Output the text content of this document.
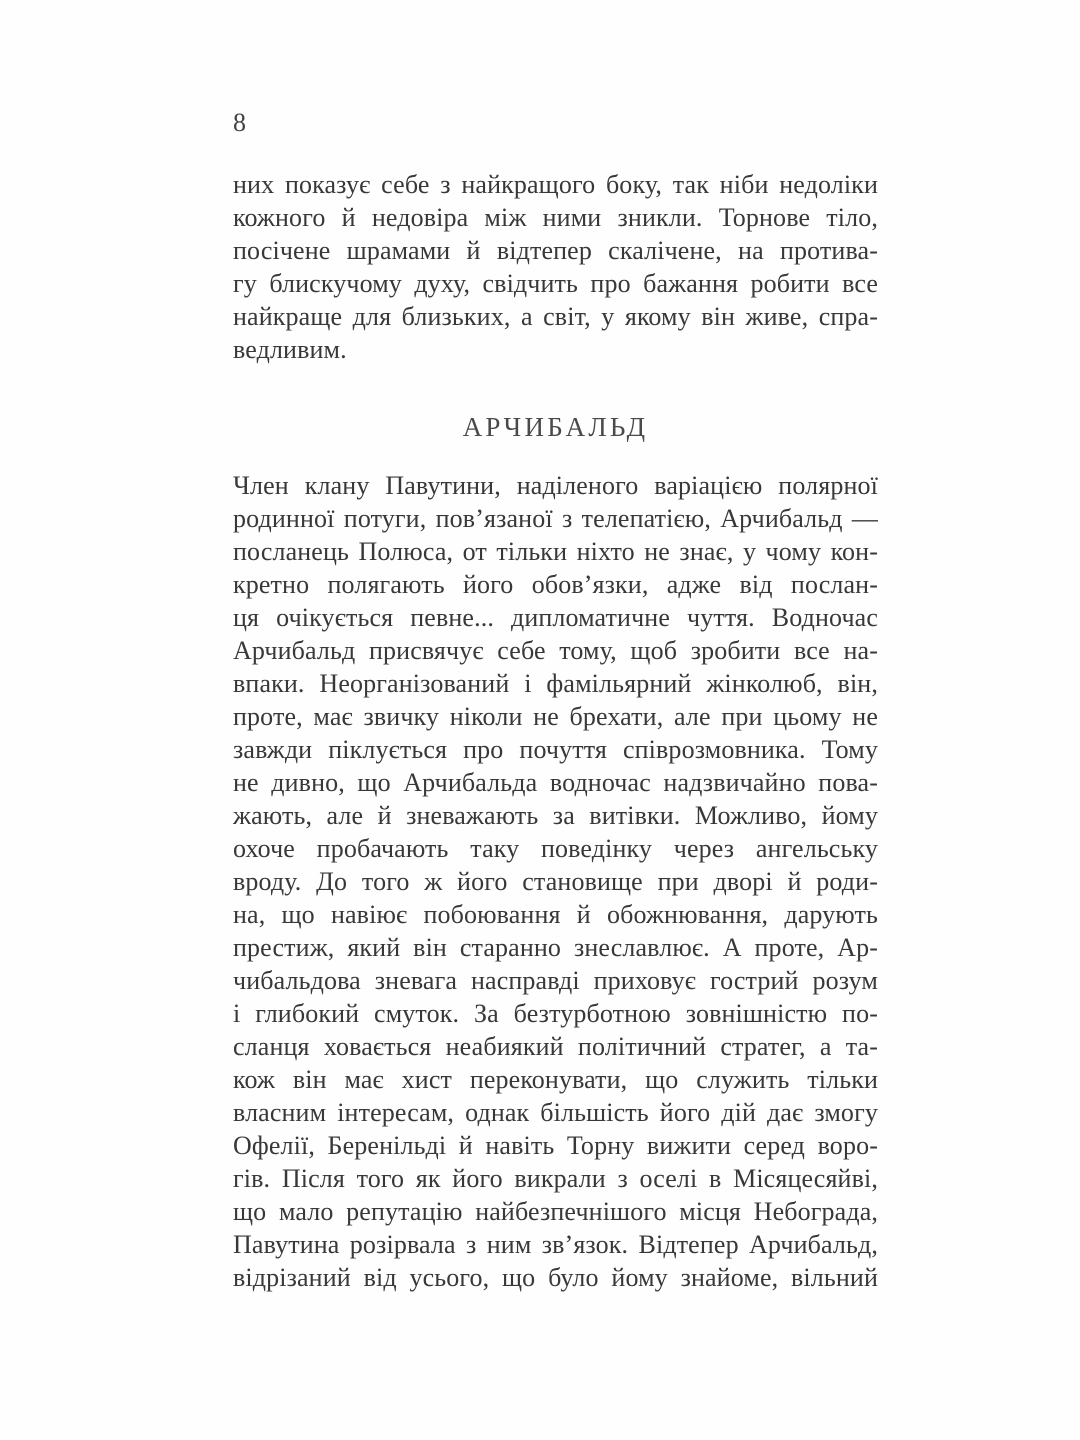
8
них показує себе з найкращого боку, так ніби недоліки
кожного й недовіра між ними зникли. Торнове тіло,
посічене шрамами й відтепер скалічене, на протива-
гу блискучому духу, свідчить про бажання робити все
найкраще для близьких, а світ, у якому він живе, спра-
ведливим.
АРЧИБАЛЬД
Член клану Павутини, наділеного варіацією полярної
родинної потуги, пов’язаної з телепатією, Арчибальд —
посланець Полюса, от тільки ніхто не знає, у чому кон-
кретно полягають його обов’язки, адже від послан-
ця очікується певне... дипломатичне чуття. Водночас
Арчибальд присвячує себе тому, щоб зробити все на-
впаки. Неорганізований і фамільярний жінколюб, він,
проте, має звичку ніколи не брехати, але при цьому не
завжди піклується про почуття співрозмовника. Тому
не дивно, що Арчибальда водночас надзвичайно пова-
жають, але й зневажають за витівки. Можливо, йому
охоче пробачають таку поведінку через ангельську
вроду. До того ж його становище при дворі й роди-
на, що навіює побоювання й обожнювання, дарують
престиж, який він старанно знеславлює. А проте, Ар-
чибальдова зневага насправді приховує гострий розум
і глибокий смуток. За безтурботною зовнішністю по-
сланця ховається неабиякий політичний стратег, а та-
кож він має хист переконувати, що служить тільки
власним інтересам, однак більшість його дій дає змогу
Офелії, Беренільді й навіть Торну вижити серед воро-
гів. Після того як його викрали з оселі в Місяцесяйві,
що мало репутацію найбезпечнішого місця Небограда,
Павутина розірвала з ним зв’язок. Відтепер Арчибальд,
відрізаний від усього, що було йому знайоме, вільний
